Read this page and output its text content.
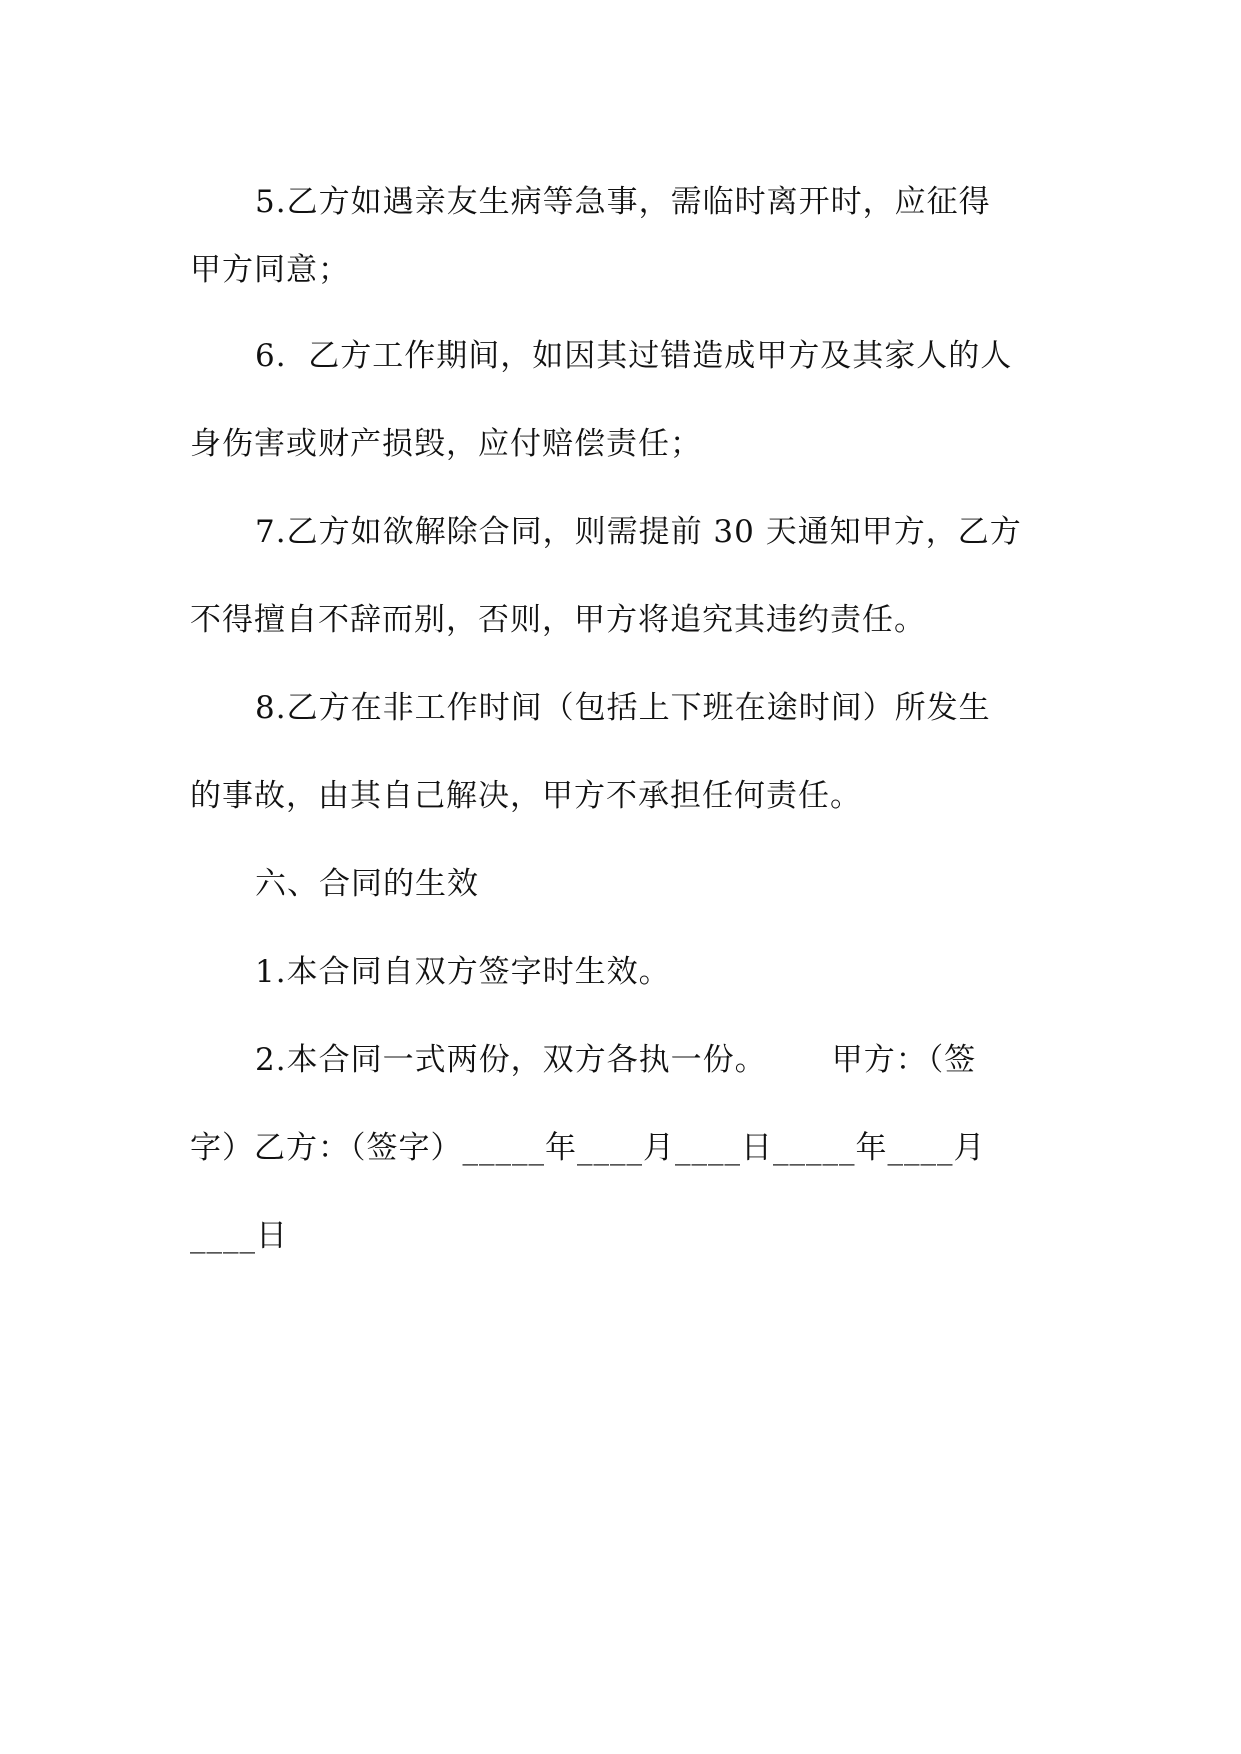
5.乙方如遇亲友生病等急事，需临时离开时，应征得
甲方同意；
6.  乙方工作期间，如因其过错造成甲方及其家人的人
身伤害或财产损毁，应付赔偿责任；
7.乙方如欲解除合同，则需提前 30 天通知甲方，乙方
不得擅自不辞而别，否则，甲方将追究其违约责任。
8.乙方在非工作时间（包括上下班在途时间）所发生
的事故，由其自己解决，甲方不承担任何责任。
六、合同的生效
1.本合同自双方签字时生效。
2.本合同一式两份，双方各执一份。      甲方：（签
字）乙方：（签字）_____年____月____日_____年____月
____日
